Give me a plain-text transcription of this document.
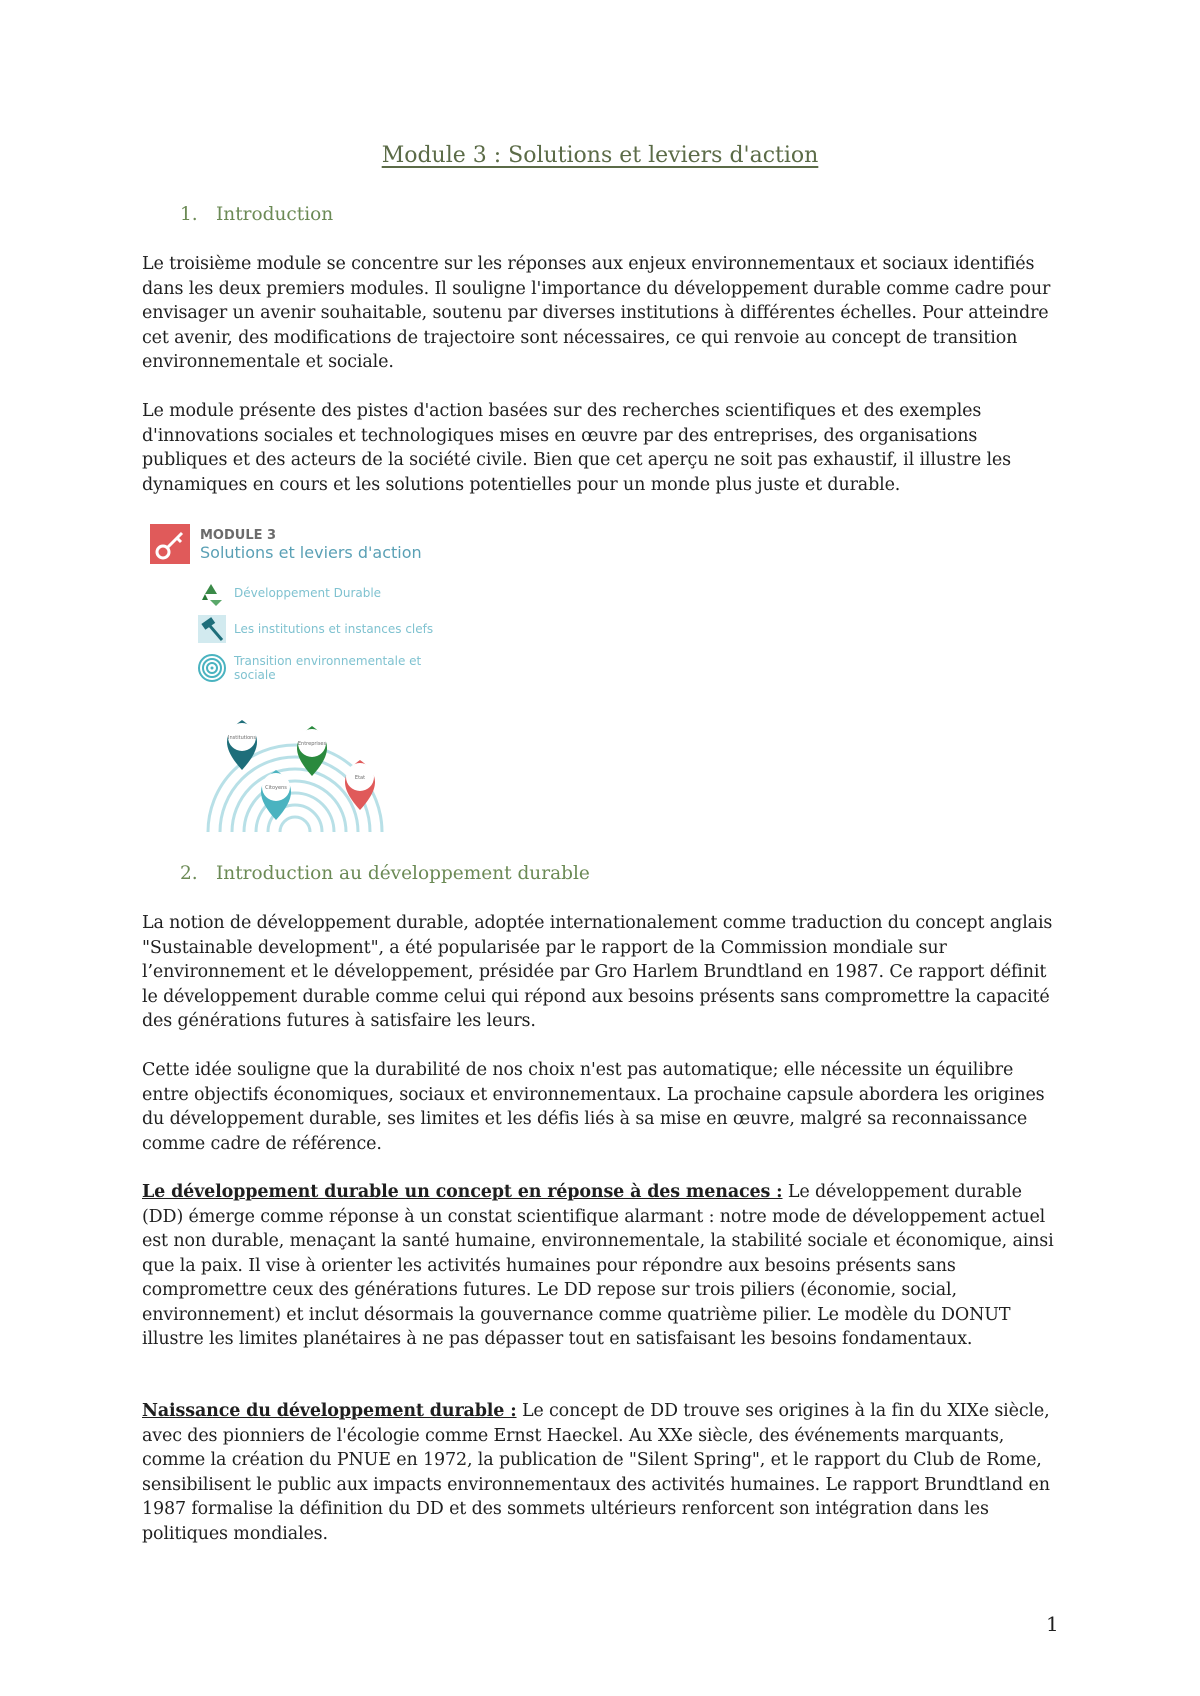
Module 3 : Solutions et leviers d'action
1. Introduction

Le troisième module se concentre sur les réponses aux enjeux environnementaux et sociaux identifiés dans les deux premiers modules. Il souligne l'importance du développement durable comme cadre pour envisager un avenir souhaitable, soutenu par diverses institutions à différentes échelles. Pour atteindre cet avenir, des modifications de trajectoire sont nécessaires, ce qui renvoie au concept de transition environnementale et sociale.

Le module présente des pistes d'action basées sur des recherches scientifiques et des exemples d'innovations sociales et technologiques mises en œuvre par des entreprises, des organisations publiques et des acteurs de la société civile. Bien que cet aperçu ne soit pas exhaustif, il illustre les dynamiques en cours et les solutions potentielles pour un monde plus juste et durable.

MODULE 3
Solutions et leviers d'action
Développement Durable
Les institutions et instances clefs
Transition environnementale et
sociale
Institutions
Entreprises
Etat
Citoyens
2. Introduction au développement durable

La notion de développement durable, adoptée internationalement comme traduction du concept anglais "Sustainable development", a été popularisée par le rapport de la Commission mondiale sur l’environnement et le développement, présidée par Gro Harlem Brundtland en 1987. Ce rapport définit le développement durable comme celui qui répond aux besoins présents sans compromettre la capacité des générations futures à satisfaire les leurs.

Cette idée souligne que la durabilité de nos choix n'est pas automatique; elle nécessite un équilibre entre objectifs économiques, sociaux et environnementaux. La prochaine capsule abordera les origines du développement durable, ses limites et les défis liés à sa mise en œuvre, malgré sa reconnaissance comme cadre de référence.

Le développement durable un concept en réponse à des menaces : Le développement durable (DD) émerge comme réponse à un constat scientifique alarmant : notre mode de développement actuel est non durable, menaçant la santé humaine, environnementale, la stabilité sociale et économique, ainsi que la paix. Il vise à orienter les activités humaines pour répondre aux besoins présents sans compromettre ceux des générations futures. Le DD repose sur trois piliers (économie, social, environnement) et inclut désormais la gouvernance comme quatrième pilier. Le modèle du DONUT illustre les limites planétaires à ne pas dépasser tout en satisfaisant les besoins fondamentaux.

Naissance du développement durable : Le concept de DD trouve ses origines à la fin du XIXe siècle, avec des pionniers de l'écologie comme Ernst Haeckel. Au XXe siècle, des événements marquants, comme la création du PNUE en 1972, la publication de "Silent Spring", et le rapport du Club de Rome, sensibilisent le public aux impacts environnementaux des activités humaines. Le rapport Brundtland en 1987 formalise la définition du DD et des sommets ultérieurs renforcent son intégration dans les politiques mondiales.

1
